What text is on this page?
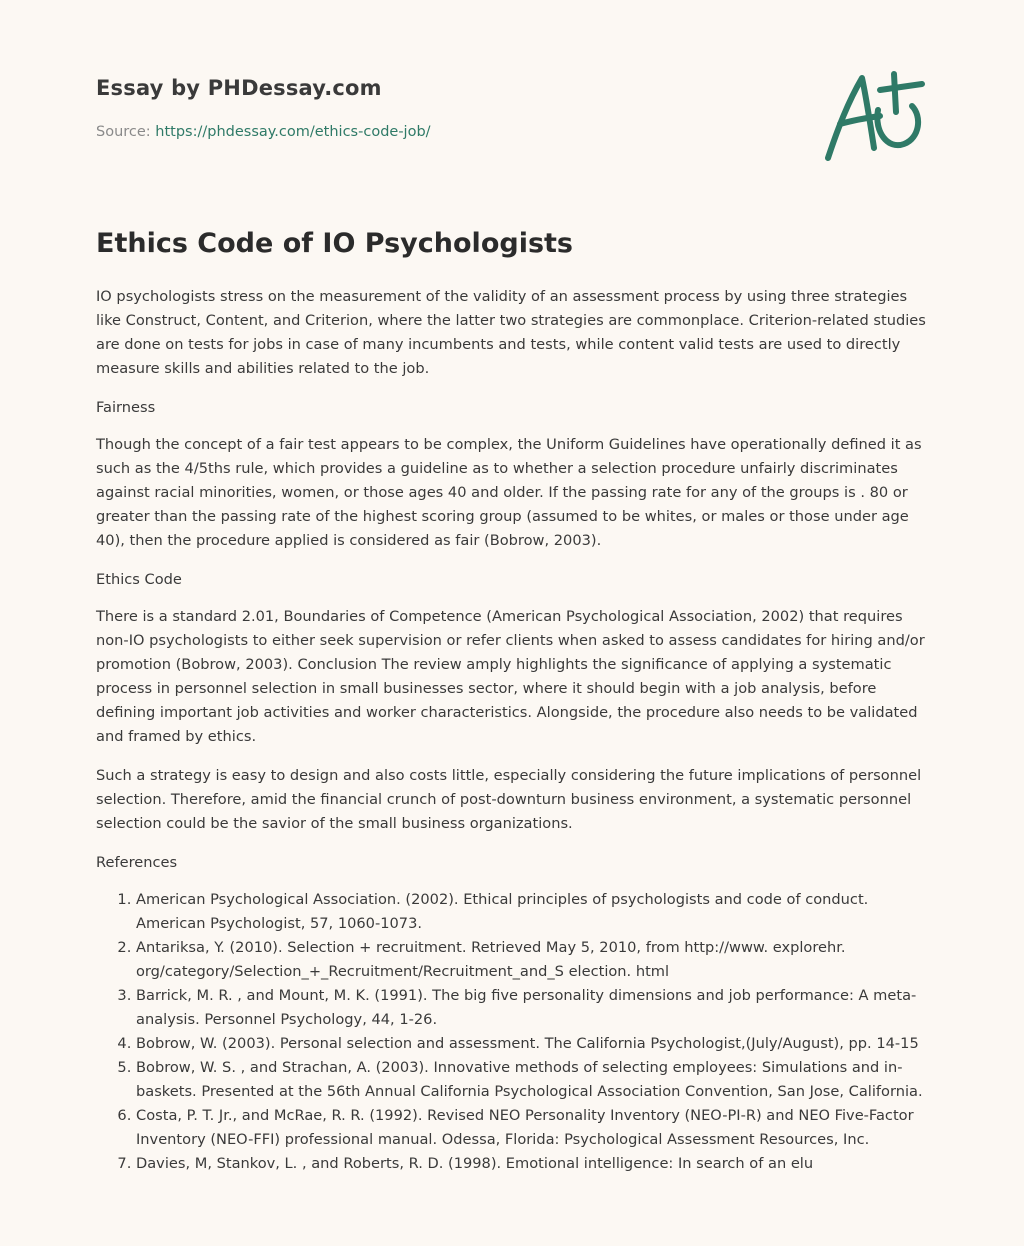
Essay by PHDessay.com
Source: https://phdessay.com/ethics-code-job/
Ethics Code of IO Psychologists

IO psychologists stress on the measurement of the validity of an assessment process by using three strategies like Construct, Content, and Criterion, where the latter two strategies are commonplace. Criterion-related studies are done on tests for jobs in case of many incumbents and tests, while content valid tests are used to directly measure skills and abilities related to the job.

Fairness

Though the concept of a fair test appears to be complex, the Uniform Guidelines have operationally defined it as such as the 4/5ths rule, which provides a guideline as to whether a selection procedure unfairly discriminates against racial minorities, women, or those ages 40 and older. If the passing rate for any of the groups is . 80 or greater than the passing rate of the highest scoring group (assumed to be whites, or males or those under age 40), then the procedure applied is considered as fair (Bobrow, 2003).

Ethics Code

There is a standard 2.01, Boundaries of Competence (American Psychological Association, 2002) that requires non-IO psychologists to either seek supervision or refer clients when asked to assess candidates for hiring and/or promotion (Bobrow, 2003). Conclusion The review amply highlights the significance of applying a systematic process in personnel selection in small businesses sector, where it should begin with a job analysis, before defining important job activities and worker characteristics. Alongside, the procedure also needs to be validated and framed by ethics.

Such a strategy is easy to design and also costs little, especially considering the future implications of personnel selection. Therefore, amid the financial crunch of post-downturn business environment, a systematic personnel selection could be the savior of the small business organizations.

References

1. American Psychological Association. (2002). Ethical principles of psychologists and code of conduct. American Psychologist, 57, 1060-1073.
2. Antariksa, Y. (2010). Selection + recruitment. Retrieved May 5, 2010, from http://www. explorehr. org/category/Selection_+_Recruitment/Recruitment_and_S election. html
3. Barrick, M. R. , and Mount, M. K. (1991). The big five personality dimensions and job performance: A meta-analysis. Personnel Psychology, 44, 1-26.
4. Bobrow, W. (2003). Personal selection and assessment. The California Psychologist,(July/August), pp. 14-15
5. Bobrow, W. S. , and Strachan, A. (2003). Innovative methods of selecting employees: Simulations and in-baskets. Presented at the 56th Annual California Psychological Association Convention, San Jose, California.
6. Costa, P. T. Jr., and McRae, R. R. (1992). Revised NEO Personality Inventory (NEO-PI-R) and NEO Five-Factor Inventory (NEO-FFI) professional manual. Odessa, Florida: Psychological Assessment Resources, Inc.
7. Davies, M, Stankov, L. , and Roberts, R. D. (1998). Emotional intelligence: In search of an elu
